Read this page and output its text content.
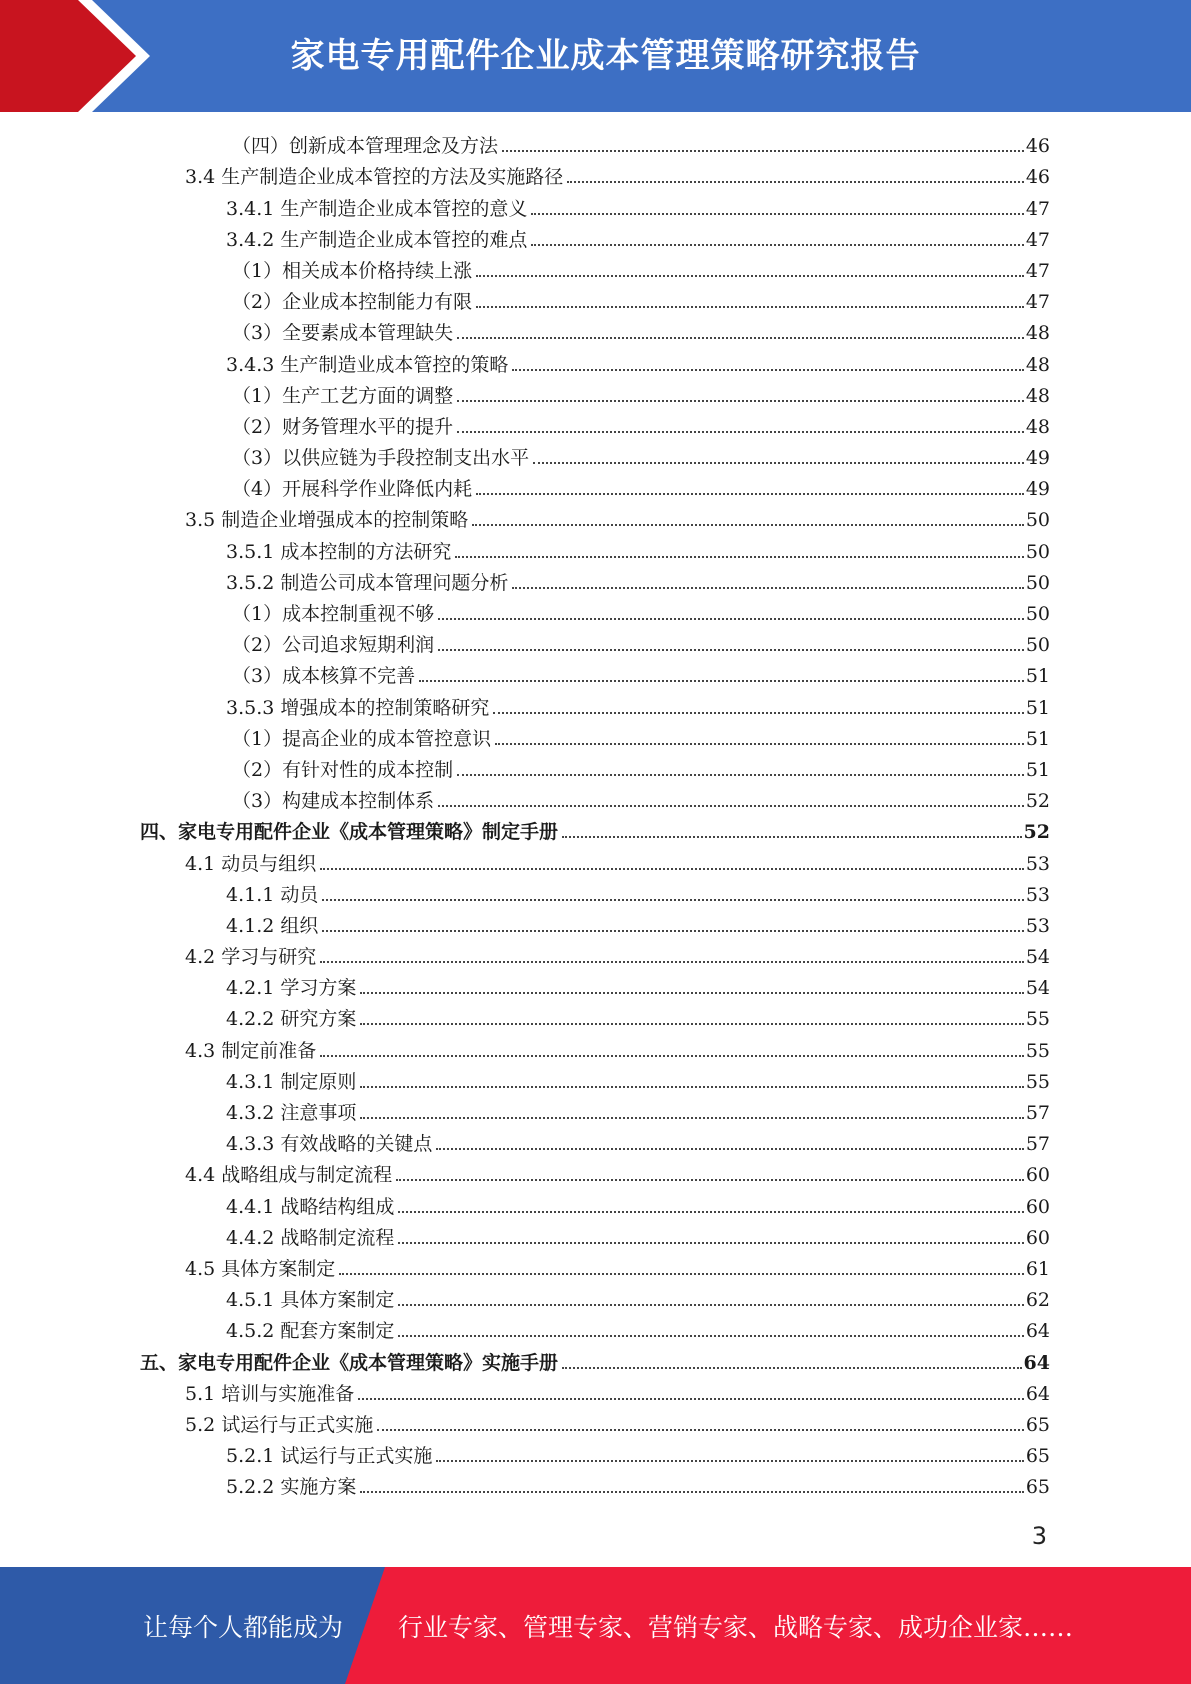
家电专用配件企业成本管理策略研究报告
（四）创新成本管理理念及方法	46
3.4 生产制造企业成本管控的方法及实施路径	46
3.4.1 生产制造企业成本管控的意义	47
3.4.2 生产制造企业成本管控的难点	47
（1）相关成本价格持续上涨	47
（2）企业成本控制能力有限	47
（3）全要素成本管理缺失	48
3.4.3 生产制造业成本管控的策略	48
（1）生产工艺方面的调整	48
（2）财务管理水平的提升	48
（3）以供应链为手段控制支出水平	49
（4）开展科学作业降低内耗	49
3.5 制造企业增强成本的控制策略	50
3.5.1 成本控制的方法研究	50
3.5.2 制造公司成本管理问题分析	50
（1）成本控制重视不够	50
（2）公司追求短期利润	50
（3）成本核算不完善	51
3.5.3 增强成本的控制策略研究	51
（1）提高企业的成本管控意识	51
（2）有针对性的成本控制	51
（3）构建成本控制体系	52
四、家电专用配件企业《成本管理策略》制定手册	52
4.1 动员与组织	53
4.1.1 动员	53
4.1.2 组织	53
4.2 学习与研究	54
4.2.1 学习方案	54
4.2.2 研究方案	55
4.3 制定前准备	55
4.3.1 制定原则	55
4.3.2 注意事项	57
4.3.3 有效战略的关键点	57
4.4 战略组成与制定流程	60
4.4.1 战略结构组成	60
4.4.2 战略制定流程	60
4.5 具体方案制定	61
4.5.1 具体方案制定	62
4.5.2 配套方案制定	64
五、家电专用配件企业《成本管理策略》实施手册	64
5.1 培训与实施准备	64
5.2 试运行与正式实施	65
5.2.1 试运行与正式实施	65
5.2.2 实施方案	65
3
让每个人都能成为 行业专家、管理专家、营销专家、战略专家、成功企业家……
